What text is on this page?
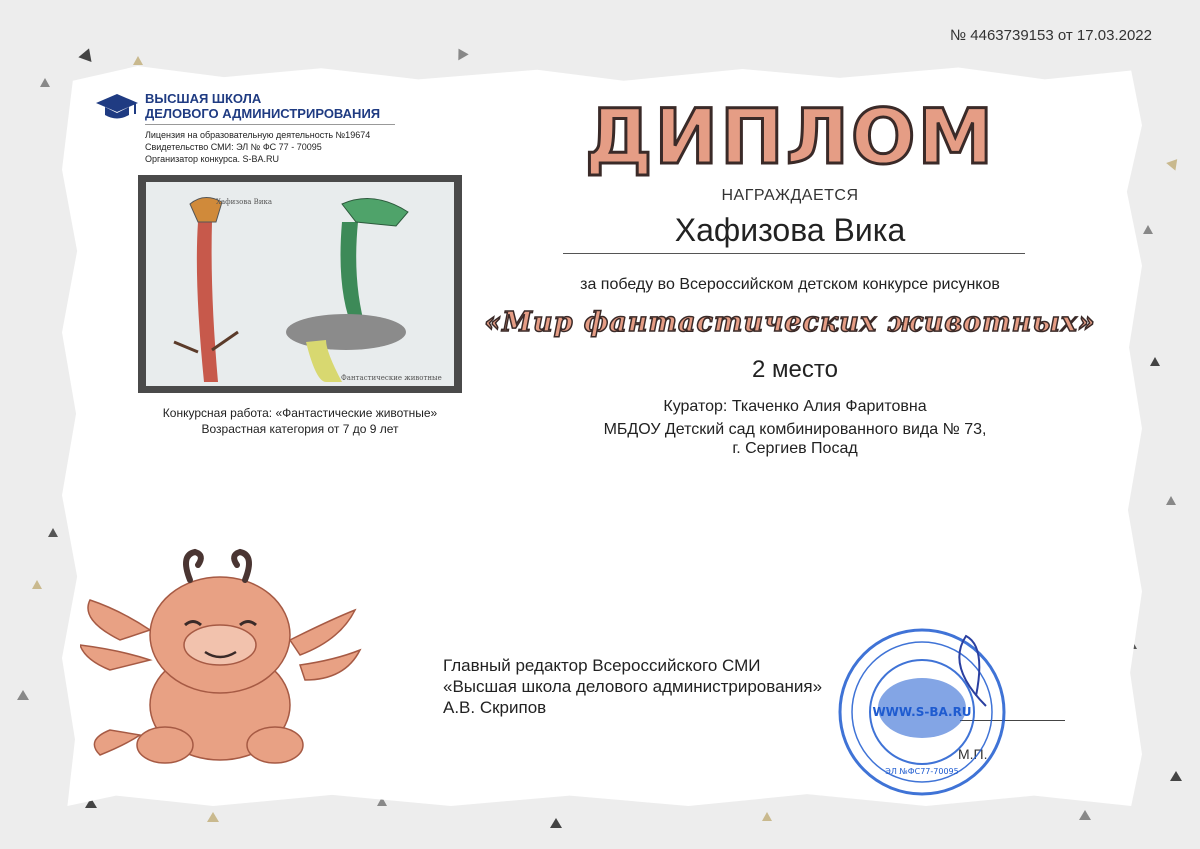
№ 4463739153 от 17.03.2022
ВЫСШАЯ ШКОЛА
ДЕЛОВОГО АДМИНИСТРИРОВАНИЯ
Лицензия на образовательную деятельность №19674
Свидетельство СМИ: ЭЛ № ФС 77 - 70095
Организатор конкурса. S-BA.RU
Хафизова Вика
Фантастические животные
Конкурсная работа: «Фантастические животные»
Возрастная категория от 7 до 9 лет
ДИПЛОМ
НАГРАЖДАЕТСЯ
Хафизова Вика
за победу во Всероссийском детском конкурсе рисунков
«Мир фантастических животных»
2 место
Куратор: Ткаченко Алия Фаритовна
МБДОУ Детский сад комбинированного вида № 73,
г. Сергиев Посад
Главный редактор Всероссийского СМИ
«Высшая школа делового администрирования»
А.В. Скрипов
М.П.
WWW.S-BA.RU
ЭЛ №ФС77-70095
